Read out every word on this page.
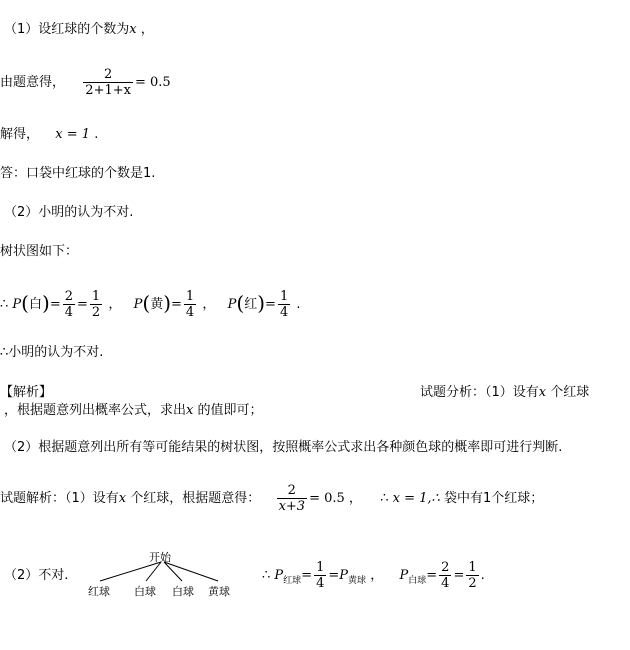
（1）设红球的个数为x ，
由题意得， $\frac{2}{2+1+x} = 0.5$
解得， x = 1 .
答：口袋中红球的个数是1.
（2）小明的认为不对.
树状图如下：
∴ P(白)= $\frac{2}{4} = \frac{1}{2}$ ， P(黄)= $\frac{1}{4}$ ， P(红)= $\frac{1}{4}$ .
∴小明的认为不对.
【解析】	试题分析：（1）设有x 个红球
，根据题意列出概率公式，求出x 的值即可；
（2）根据题意列出所有等可能结果的树状图，按照概率公式求出各种颜色球的概率即可进行判断.
试题解析：（1）设有x 个红球，根据题意得： $\frac{2}{x+3} = 0.5$ ， ∴ x = 1,∴ 袋中有1个红球；
（2）不对.
开始
红球 白球 白球 黄球
∴ $P_{红球}= \frac{1}{4} =P_{黄球}$ ， $P_{白球}= \frac{2}{4} = \frac{1}{2}$ .
